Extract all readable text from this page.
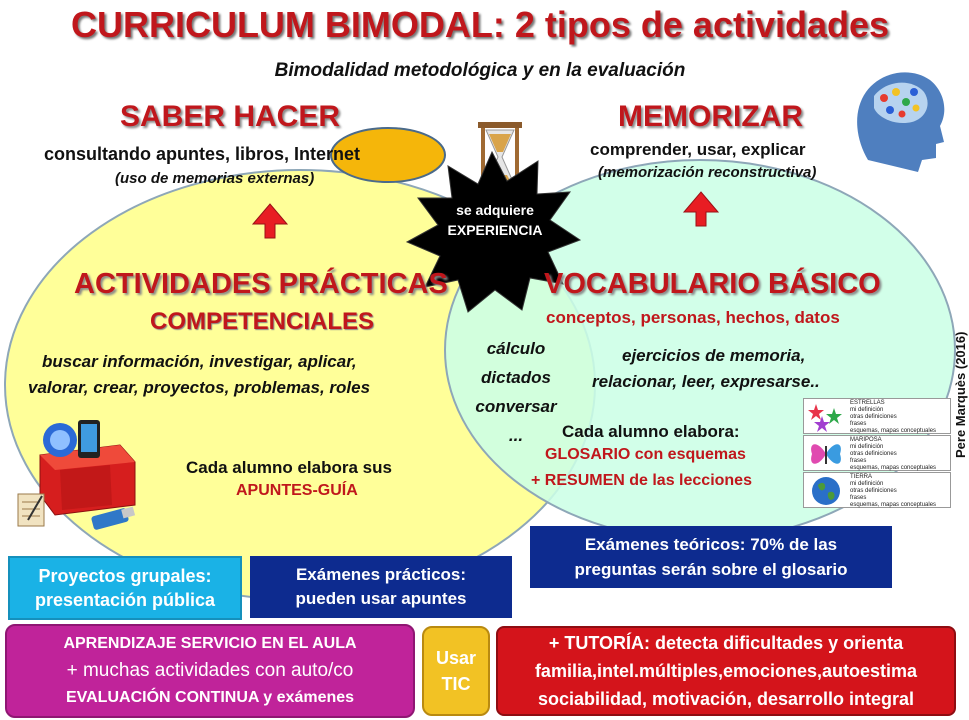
CURRICULUM BIMODAL: 2 tipos de actividades
Bimodalidad metodológica y en la evaluación
SABER HACER
consultando apuntes, libros, Internet
(uso de memorias externas)
ACTIVIDADES PRÁCTICAS
COMPETENCIALES
buscar información, investigar, aplicar,
valorar, crear, proyectos, problemas, roles
Cada alumno elabora sus
APUNTES-GUÍA
se adquiere
EXPERIENCIA
MEMORIZAR
comprender, usar, explicar
(memorización reconstructiva)
VOCABULARIO BÁSICO
conceptos, personas, hechos, datos
ejercicios de memoria,
relacionar, leer, expresarse..
Cada alumno elabora:
GLOSARIO con esquemas
+ RESUMEN de las lecciones
cálculo
dictados
conversar
...
ESTRELLAS
mi definición
otras definiciones
frases
esquemas, mapas conceptuales
MARIPOSA
mi definición
otras definiciones
frases
esquemas, mapas conceptuales
TIERRA
mi definición
otras definiciones
frases
esquemas, mapas conceptuales
Pere Marquès (2016)
Proyectos grupales:
presentación pública
Exámenes prácticos:
pueden usar apuntes
Exámenes teóricos: 70% de las
preguntas serán sobre el glosario
APRENDIZAJE SERVICIO EN EL AULA
+ muchas actividades con auto/co
EVALUACIÓN CONTINUA y exámenes
Usar
TIC
+ TUTORÍA: detecta dificultades y orienta
familia,intel.múltiples,emociones,autoestima
sociabilidad, motivación, desarrollo integral
